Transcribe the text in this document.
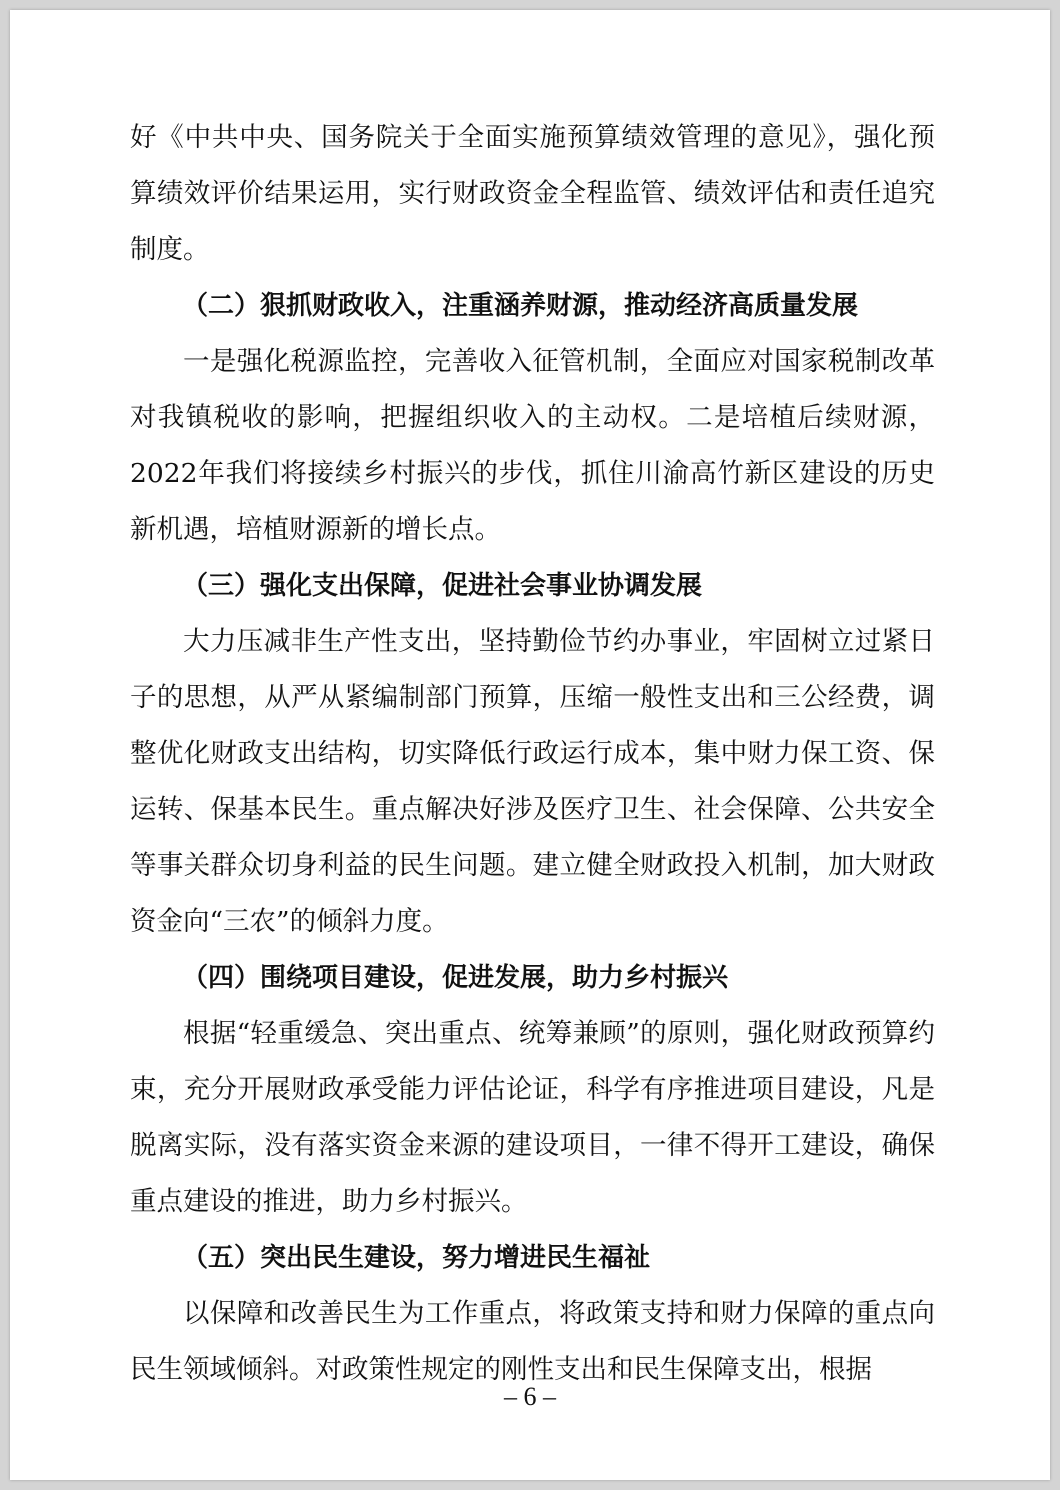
好《中共中央、国务院关于全面实施预算绩效管理的意见》，强化预算绩效评价结果运用，实行财政资金全程监管、绩效评估和责任追究制度。

（二）狠抓财政收入，注重涵养财源，推动经济高质量发展

一是强化税源监控，完善收入征管机制，全面应对国家税制改革对我镇税收的影响，把握组织收入的主动权。二是培植后续财源，2022年我们将接续乡村振兴的步伐，抓住川渝高竹新区建设的历史新机遇，培植财源新的增长点。

（三）强化支出保障，促进社会事业协调发展

大力压减非生产性支出，坚持勤俭节约办事业，牢固树立过紧日子的思想，从严从紧编制部门预算，压缩一般性支出和三公经费，调整优化财政支出结构，切实降低行政运行成本，集中财力保工资、保运转、保基本民生。重点解决好涉及医疗卫生、社会保障、公共安全等事关群众切身利益的民生问题。建立健全财政投入机制，加大财政资金向“三农”的倾斜力度。

（四）围绕项目建设，促进发展，助力乡村振兴

根据“轻重缓急、突出重点、统筹兼顾”的原则，强化财政预算约束，充分开展财政承受能力评估论证，科学有序推进项目建设，凡是脱离实际，没有落实资金来源的建设项目，一律不得开工建设，确保重点建设的推进，助力乡村振兴。

（五）突出民生建设，努力增进民生福祉

以保障和改善民生为工作重点，将政策支持和财力保障的重点向民生领域倾斜。对政策性规定的刚性支出和民生保障支出，根据

– 6 –
